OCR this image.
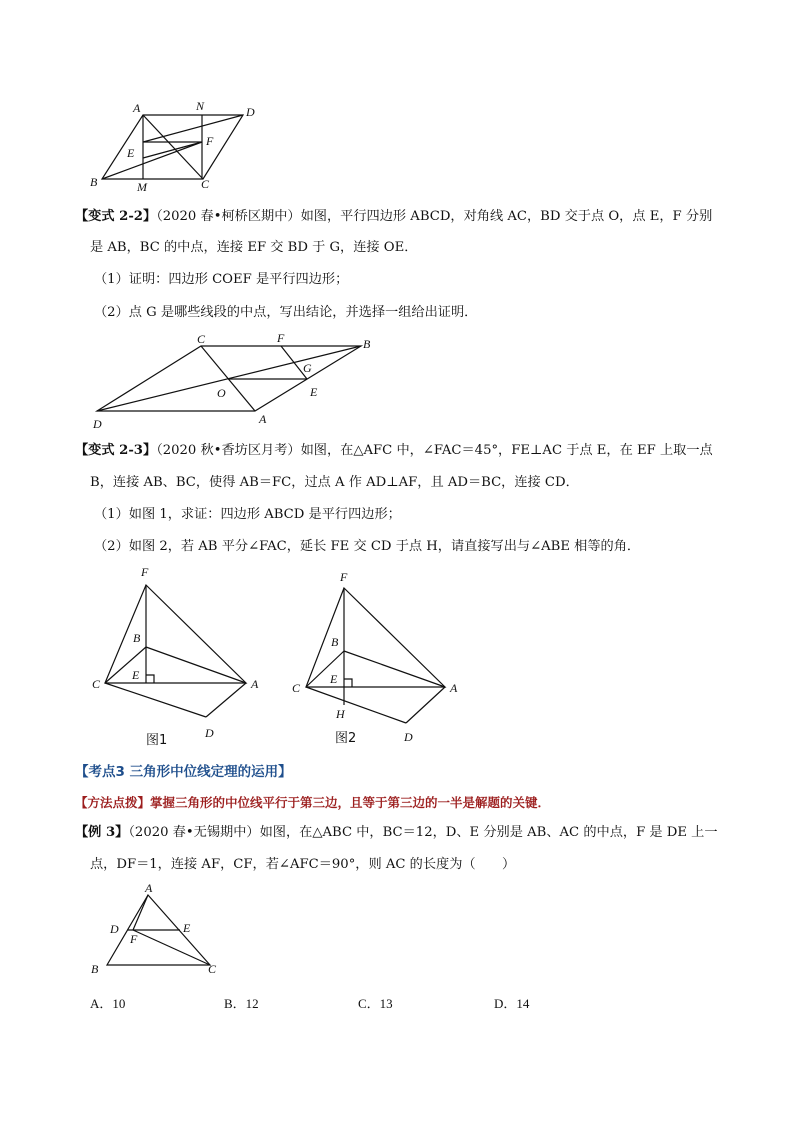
A	N	D
E
F
B	M	C
【变式 2-2】（2020 春•柯桥区期中）如图，平行四边形 ABCD，对角线 AC，BD 交于点 O，点 E，F 分别
是 AB，BC 的中点，连接 EF 交 BD 于 G，连接 OE．
（1）证明：四边形 COEF 是平行四边形；
（2）点 G 是哪些线段的中点，写出结论，并选择一组给出证明．
C	F	B
G
O	E
D	A
【变式 2-3】（2020 秋•香坊区月考）如图，在△AFC 中，∠FAC＝45°，FE⊥AC 于点 E，在 EF 上取一点
B，连接 AB、BC，使得 AB＝FC，过点 A 作 AD⊥AF，且 AD＝BC，连接 CD．
（1）如图 1，求证：四边形 ABCD 是平行四边形；
（2）如图 2，若 AB 平分∠FAC，延长 FE 交 CD 于点 H，请直接写出与∠ABE 相等的角．
F
B
C
E
A
D
图1
F
B
C
E
A
H
D
图2
【考点3 三角形中位线定理的运用】
【方法点拨】掌握三角形的中位线平行于第三边，且等于第三边的一半是解题的关键．
【例 3】（2020 春•无锡期中）如图，在△ABC 中，BC＝12，D、E 分别是 AB、AC 的中点，F 是 DE 上一
点，DF＝1，连接 AF，CF，若∠AFC＝90°，则 AC 的长度为（　　）
A
D	E
F
B	C
A．10	B．12	C．13	D．14
